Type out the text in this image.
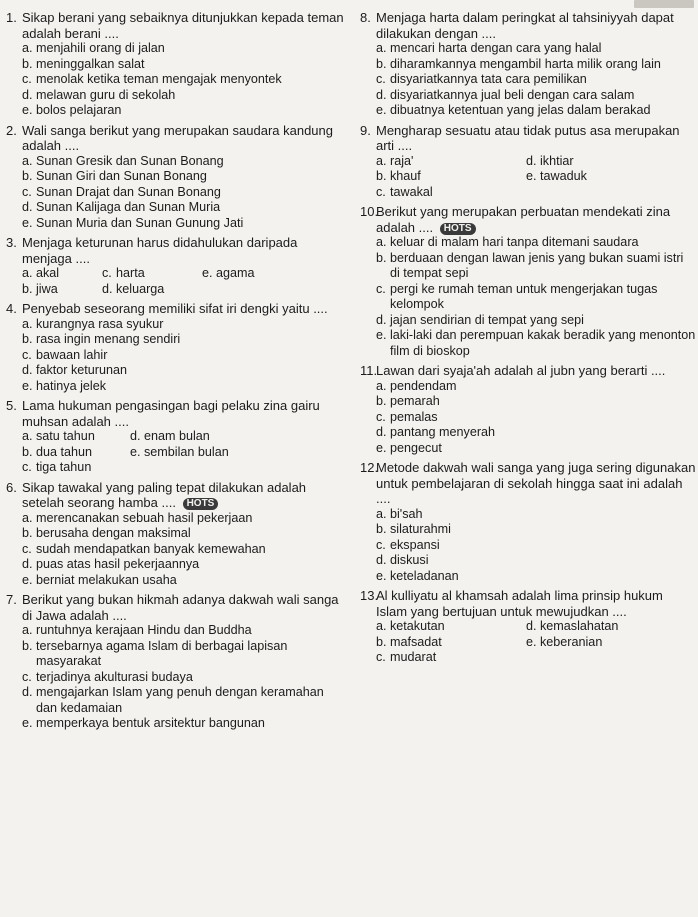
1. Sikap berani yang sebaiknya ditunjukkan kepada teman adalah berani ....
a. menjahili orang di jalan
b. meninggalkan salat
c. menolak ketika teman mengajak menyontek
d. melawan guru di sekolah
e. bolos pelajaran
2. Wali sanga berikut yang merupakan saudara kandung adalah ....
a. Sunan Gresik dan Sunan Bonang
b. Sunan Giri dan Sunan Bonang
c. Sunan Drajat dan Sunan Bonang
d. Sunan Kalijaga dan Sunan Muria
e. Sunan Muria dan Sunan Gunung Jati
3. Menjaga keturunan harus didahulukan daripada menjaga ....
a. akal	c. harta	e. agama
b. jiwa	d. keluarga
4. Penyebab seseorang memiliki sifat iri dengki yaitu ....
a. kurangnya rasa syukur
b. rasa ingin menang sendiri
c. bawaan lahir
d. faktor keturunan
e. hatinya jelek
5. Lama hukuman pengasingan bagi pelaku zina gairu muhsan adalah ....
a. satu tahun	d. enam bulan
b. dua tahun	e. sembilan bulan
c. tiga tahun
6. Sikap tawakal yang paling tepat dilakukan adalah setelah seorang hamba .... HOTS
a. merencanakan sebuah hasil pekerjaan
b. berusaha dengan maksimal
c. sudah mendapatkan banyak kemewahan
d. puas atas hasil pekerjaannya
e. berniat melakukan usaha
7. Berikut yang bukan hikmah adanya dakwah wali sanga di Jawa adalah ....
a. runtuhnya kerajaan Hindu dan Buddha
b. tersebarnya agama Islam di berbagai lapisan masyarakat
c. terjadinya akulturasi budaya
d. mengajarkan Islam yang penuh dengan keramahan dan kedamaian
e. memperkaya bentuk arsitektur bangunan
8. Menjaga harta dalam peringkat al tahsiniyyah dapat dilakukan dengan ....
a. mencari harta dengan cara yang halal
b. diharamkannya mengambil harta milik orang lain
c. disyariatkannya tata cara pemilikan
d. disyariatkannya jual beli dengan cara salam
e. dibuatnya ketentuan yang jelas dalam berakad
9. Mengharap sesuatu atau tidak putus asa merupakan arti ....
a. raja'	d. ikhtiar
b. khauf	e. tawaduk
c. tawakal
10.
Berikut yang merupakan perbuatan mendekati zina adalah .... HOTS
a. keluar di malam hari tanpa ditemani saudara
b. berduaan dengan lawan jenis yang bukan suami istri di tempat sepi
c. pergi ke rumah teman untuk mengerjakan tugas kelompok
d. jajan sendirian di tempat yang sepi
e. laki-laki dan perempuan kakak beradik yang menonton film di bioskop
11.
Lawan dari syaja'ah adalah al jubn yang berarti ....
a. pendendam
b. pemarah
c. pemalas
d. pantang menyerah
e. pengecut
12.
Metode dakwah wali sanga yang juga sering digunakan untuk pembelajaran di sekolah hingga saat ini adalah ....
a. bi'sah
b. silaturahmi
c. ekspansi
d. diskusi
e. keteladanan
13.
Al kulliyatu al khamsah adalah lima prinsip hukum Islam yang bertujuan untuk mewujudkan ....
a. ketakutan	d. kemaslahatan
b. mafsadat	e. keberanian
c. mudarat
